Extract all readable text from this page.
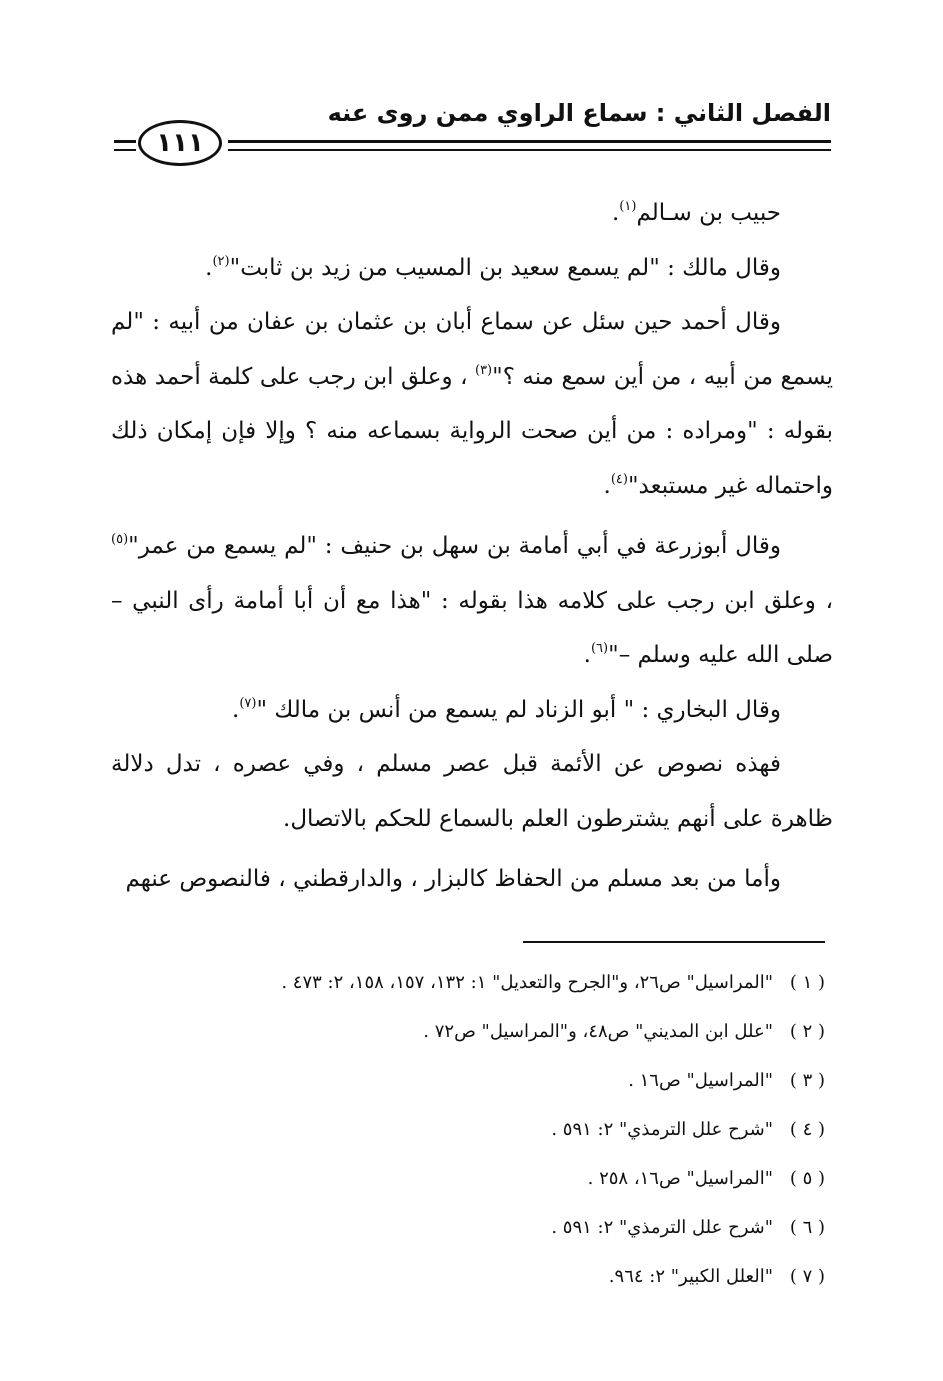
الفصل الثاني : سماع الراوي ممن روى عنه
١١١

حبيب بن سـالم$^{(١)}$.

وقال مالك : "لم يسمع سعيد بن المسيب من زيد بن ثابت"$^{(٢)}$.

وقال أحمد حين سئل عن سماع أبان بن عثمان بن عفان من أبيه : "لم يسمع من أبيه ، من أين سمع منه ؟"$^{(٣)}$ ، وعلق ابن رجب على كلمة أحمد هذه بقوله : "ومراده : من أين صحت الرواية بسماعه منه ؟ وإلا فإن إمكان ذلك واحتماله غير مستبعد"$^{(٤)}$.

وقال أبوزرعة في أبي أمامة بن سهل بن حنيف : "لم يسمع من عمر"$^{(٥)}$ ، وعلق ابن رجب على كلامه هذا بقوله : "هذا مع أن أبا أمامة رأى النبي – صلى الله عليه وسلم –"$^{(٦)}$.

وقال البخاري : " أبو الزناد لم يسمع من أنس بن مالك "$^{(٧)}$.

فهذه نصوص عن الأئمة قبل عصر مسلم ، وفي عصره ، تدل دلالة ظاهرة على أنهم يشترطون العلم بالسماع للحكم بالاتصال.

وأما من بعد مسلم من الحفاظ كالبزار ، والدارقطني ، فالنصوص عنهم

( ١ )"المراسيل" ص٢٦، و"الجرح والتعديل" ١: ١٣٢، ١٥٧، ١٥٨، ٢: ٤٧٣ .
( ٢ )"علل ابن المديني" ص٤٨، و"المراسيل" ص٧٢ .
( ٣ )"المراسيل" ص١٦ .
( ٤ )"شرح علل الترمذي" ٢: ٥٩١ .
( ٥ )"المراسيل" ص١٦، ٢٥٨ .
( ٦ )"شرح علل الترمذي" ٢: ٥٩١ .
( ٧ )"العلل الكبير" ٢: ٩٦٤.
